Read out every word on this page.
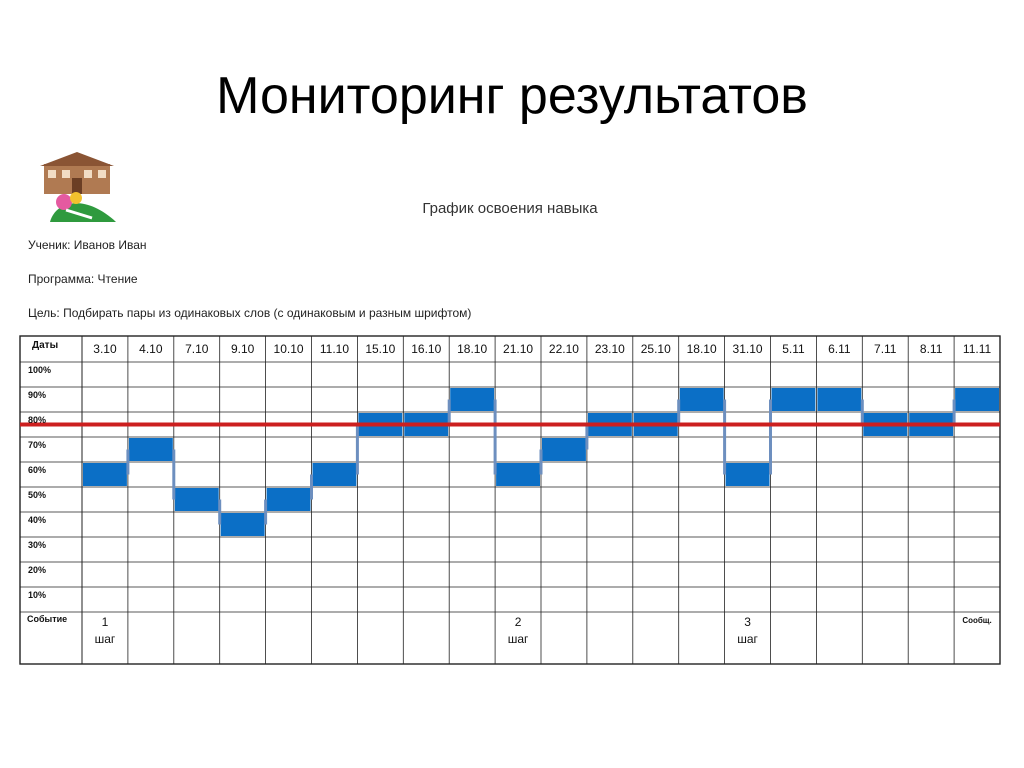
Мониторинг результатов
График освоения навыка
Ученик: Иванов Иван
Программа: Чтение
Цель: Подбирать пары из одинаковых слов (с одинаковым и разным шрифтом)
Даты	3.10 4.10 7.10 9.10 10.10 11.10 15.10 16.10 18.10 21.10 22.10 23.10 25.10 18.10 31.10 5.11 6.11 7.11 8.11 11.11
100%
90%
80%
70%
60%
50%
40%
30%
20%
10%
Событие	1
шаг
2
шаг
3
шаг
Сообщ.
